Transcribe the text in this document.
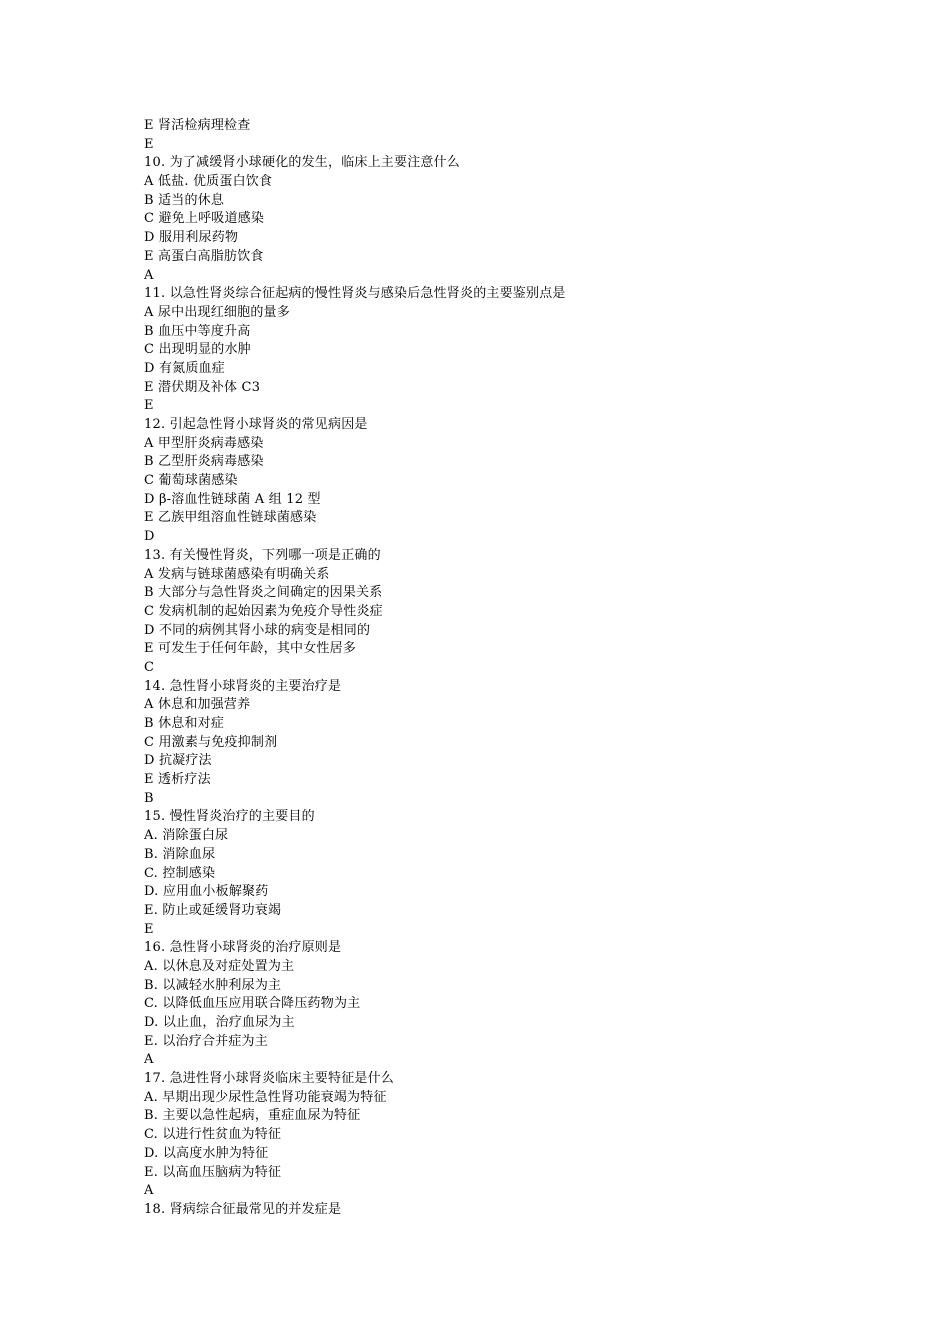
E 肾活检病理检查
E
10. 为了减缓肾小球硬化的发生，临床上主要注意什么
A 低盐. 优质蛋白饮食
B 适当的休息
C 避免上呼吸道感染
D 服用利尿药物
E 高蛋白高脂肪饮食
A
11. 以急性肾炎综合征起病的慢性肾炎与感染后急性肾炎的主要鉴别点是
A 尿中出现红细胞的量多
B 血压中等度升高
C 出现明显的水肿
D 有氮质血症
E 潜伏期及补体 C3
E
12. 引起急性肾小球肾炎的常见病因是
A 甲型肝炎病毒感染
B 乙型肝炎病毒感染
C 葡萄球菌感染
D β-溶血性链球菌 A 组 12 型
E 乙族甲组溶血性链球菌感染
D
13. 有关慢性肾炎，下列哪一项是正确的
A 发病与链球菌感染有明确关系
B 大部分与急性肾炎之间确定的因果关系
C 发病机制的起始因素为免疫介导性炎症
D 不同的病例其肾小球的病变是相同的
E 可发生于任何年龄，其中女性居多
C
14. 急性肾小球肾炎的主要治疗是
A 休息和加强营养
B 休息和对症
C 用激素与免疫抑制剂
D 抗凝疗法
E 透析疗法
B
15. 慢性肾炎治疗的主要目的
A. 消除蛋白尿
B. 消除血尿
C. 控制感染
D. 应用血小板解聚药
E. 防止或延缓肾功衰竭
E
16. 急性肾小球肾炎的治疗原则是
A. 以休息及对症处置为主
B. 以减轻水肿利尿为主
C. 以降低血压应用联合降压药物为主
D. 以止血，治疗血尿为主
E. 以治疗合并症为主
A
17. 急进性肾小球肾炎临床主要特征是什么
A. 早期出现少尿性急性肾功能衰竭为特征
B. 主要以急性起病，重症血尿为特征
C. 以进行性贫血为特征
D. 以高度水肿为特征
E. 以高血压脑病为特征
A
18. 肾病综合征最常见的并发症是
